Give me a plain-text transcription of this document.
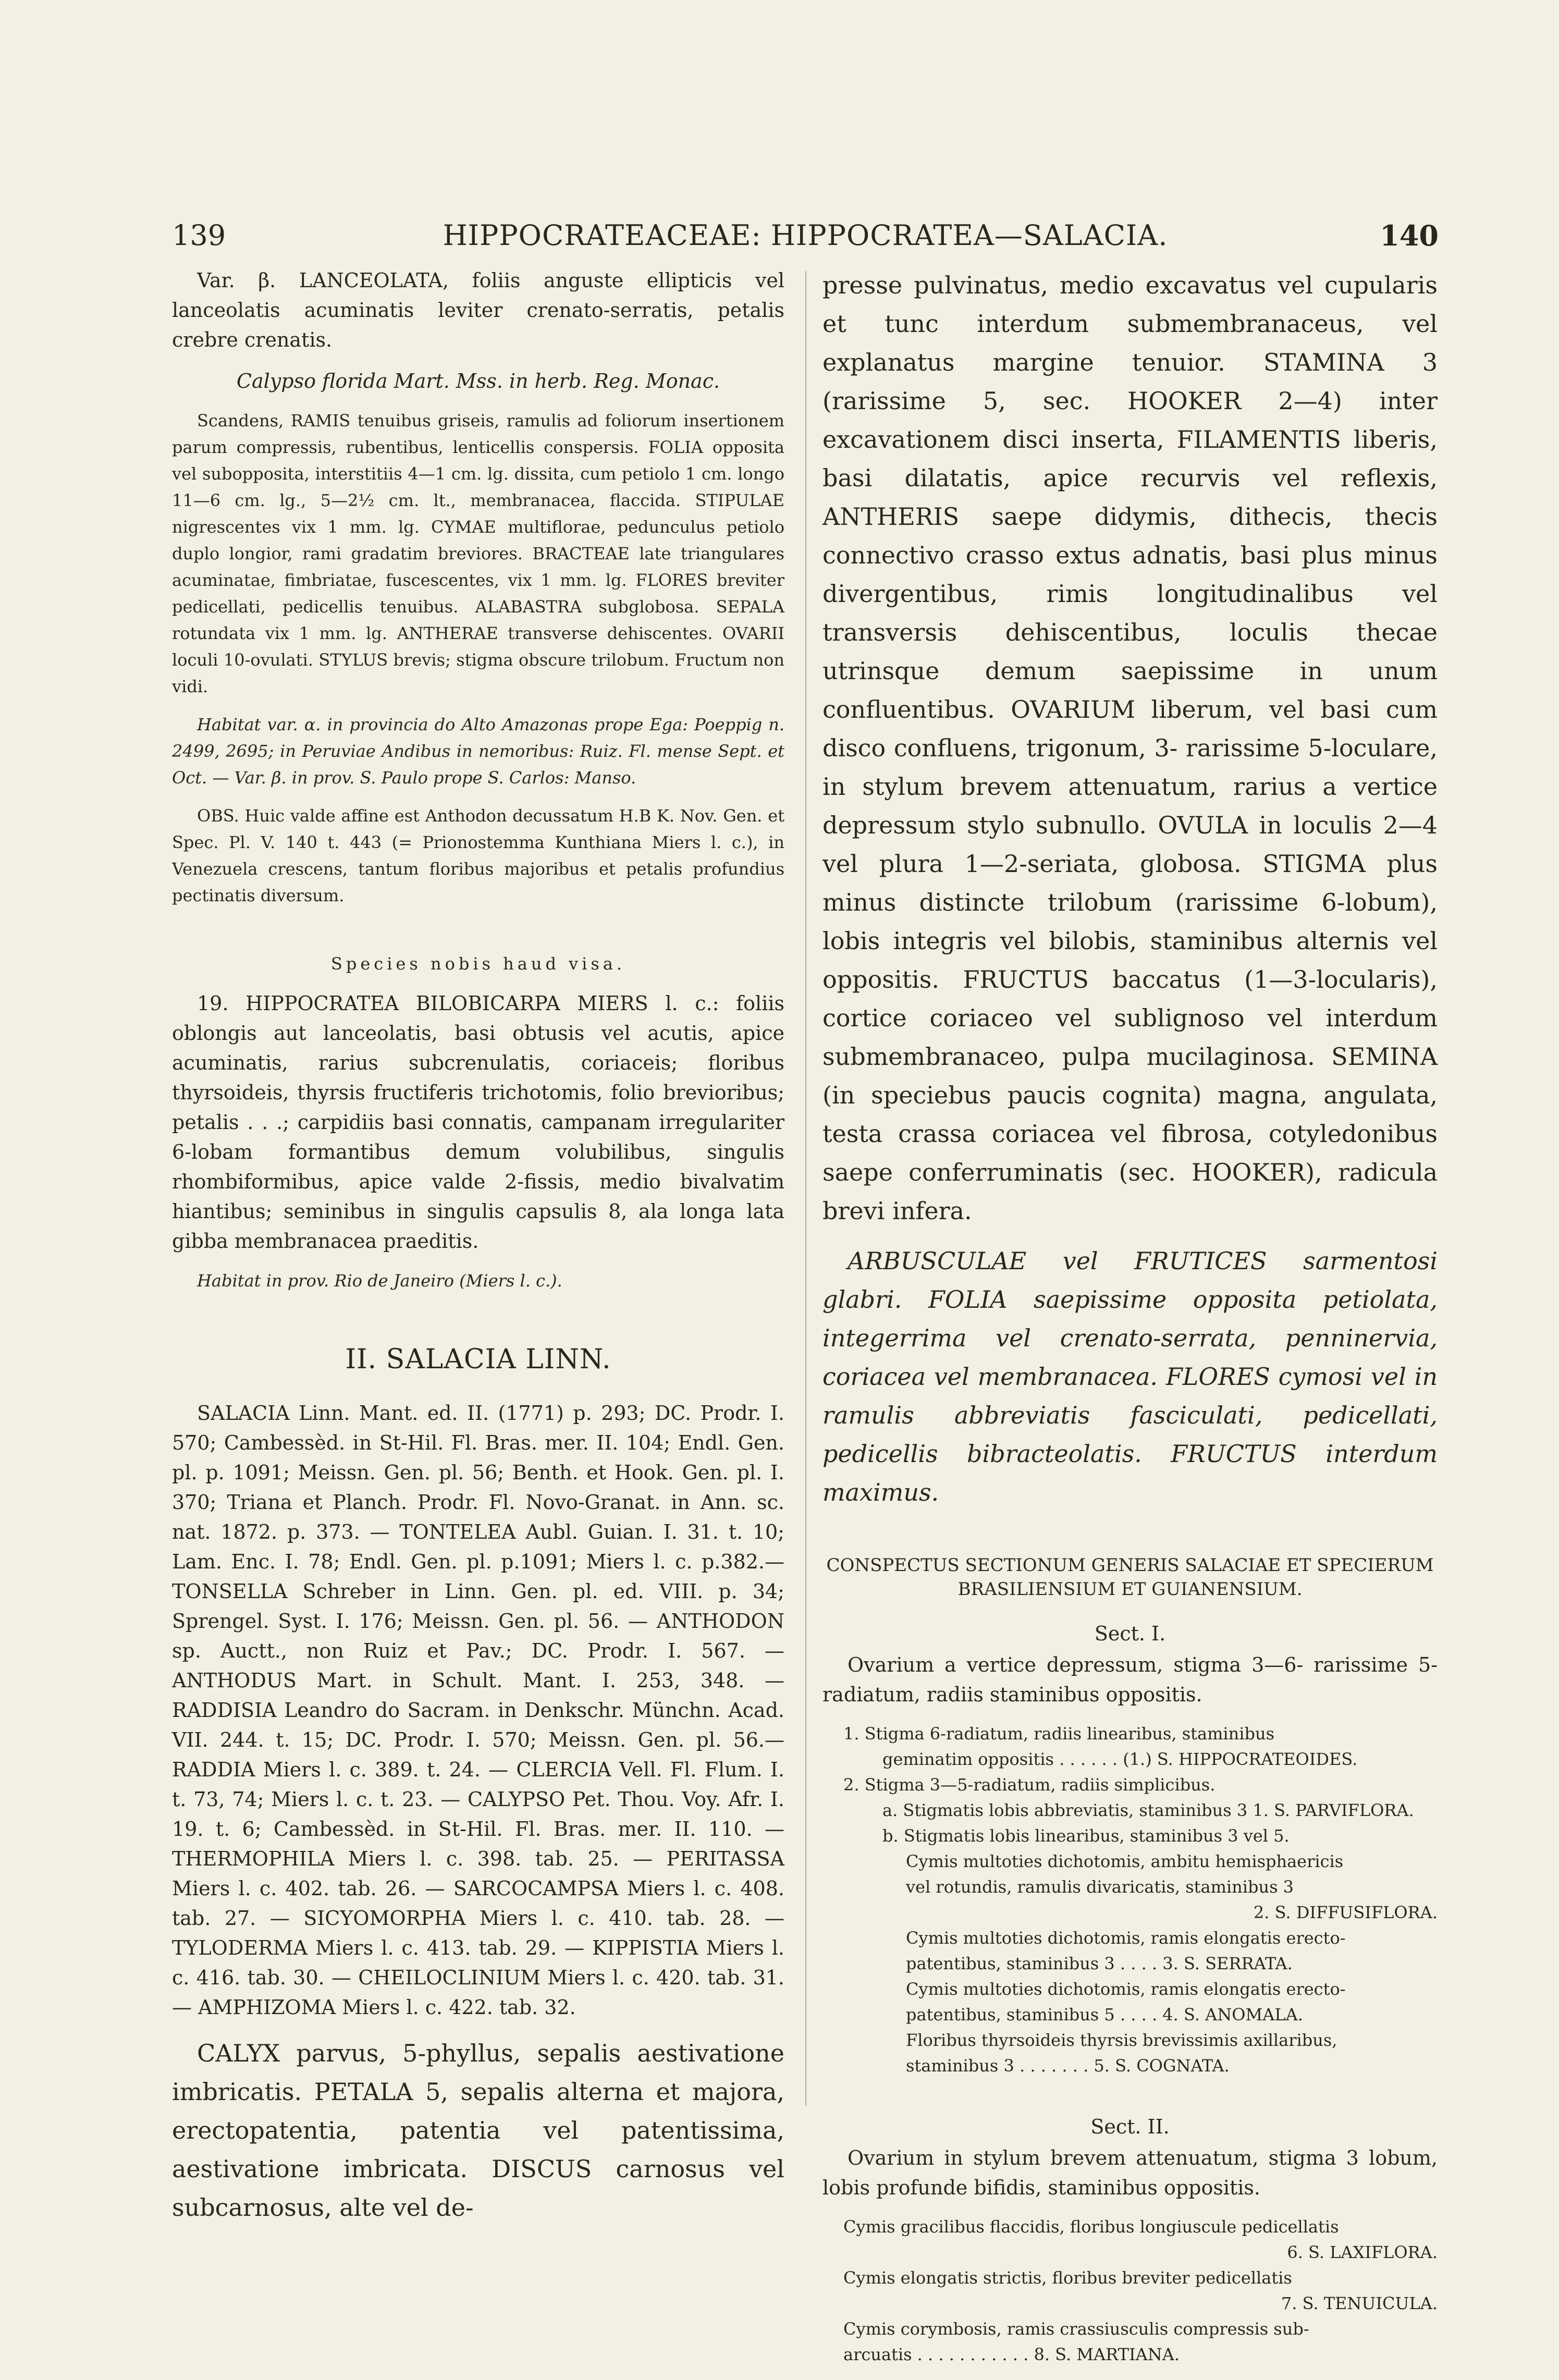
139	HIPPOCRATEACEAE: HIPPOCRATEA—SALACIA.	140

Var. β. LANCEOLATA, foliis anguste ellipticis vel lanceolatis acuminatis leviter crenato-serratis, petalis crebre crenatis.

Calypso florida Mart. Mss. in herb. Reg. Monac.

Scandens, RAMIS tenuibus griseis, ramulis ad foliorum insertionem parum compressis, rubentibus, lenticellis conspersis. FOLIA opposita vel subopposita, interstitiis 4—1 cm. lg. dissita, cum petiolo 1 cm. longo 11—6 cm. lg., 5—2½ cm. lt., membranacea, flaccida. STIPULAE nigrescentes vix 1 mm. lg. CYMAE multiflorae, pedunculus petiolo duplo longior, rami gradatim breviores. BRACTEAE late triangulares acuminatae, fimbriatae, fuscescentes, vix 1 mm. lg. FLORES breviter pedicellati, pedicellis tenuibus. ALABASTRA subglobosa. SEPALA rotundata vix 1 mm. lg. ANTHERAE transverse dehiscentes. OVARII loculi 10-ovulati. STYLUS brevis; stigma obscure trilobum. Fructum non vidi.

Habitat var. α. in provincia do Alto Amazonas prope Ega: Poeppig n. 2499, 2695; in Peruviae Andibus in nemoribus: Ruiz. Fl. mense Sept. et Oct. — Var. β. in prov. S. Paulo prope S. Carlos: Manso.

OBS. Huic valde affine est Anthodon decussatum H.B K. Nov. Gen. et Spec. Pl. V. 140 t. 443 (= Prionostemma Kunthiana Miers l. c.), in Venezuela crescens, tantum floribus majoribus et petalis profundius pectinatis diversum.

Species nobis haud visa.

19. HIPPOCRATEA BILOBICARPA MIERS l. c.: foliis oblongis aut lanceolatis, basi obtusis vel acutis, apice acuminatis, rarius subcrenulatis, coriaceis; floribus thyrsoideis, thyrsis fructiferis trichotomis, folio brevioribus; petalis . . .; carpidiis basi connatis, campanam irregulariter 6-lobam formantibus demum volubilibus, singulis rhombiformibus, apice valde 2-fissis, medio bivalvatim hiantibus; seminibus in singulis capsulis 8, ala longa lata gibba membranacea praeditis.

Habitat in prov. Rio de Janeiro (Miers l. c.).

II. SALACIA LINN.

SALACIA Linn. Mant. ed. II. (1771) p. 293; DC. Prodr. I. 570; Cambessèd. in St-Hil. Fl. Bras. mer. II. 104; Endl. Gen. pl. p. 1091; Meissn. Gen. pl. 56; Benth. et Hook. Gen. pl. I. 370; Triana et Planch. Prodr. Fl. Novo-Granat. in Ann. sc. nat. 1872. p. 373. — TONTELEA Aubl. Guian. I. 31. t. 10; Lam. Enc. I. 78; Endl. Gen. pl. p.1091; Miers l. c. p.382.— TONSELLA Schreber in Linn. Gen. pl. ed. VIII. p. 34; Sprengel. Syst. I. 176; Meissn. Gen. pl. 56. — ANTHODON sp. Auctt., non Ruiz et Pav.; DC. Prodr. I. 567. — ANTHODUS Mart. in Schult. Mant. I. 253, 348. — RADDISIA Leandro do Sacram. in Denkschr. Münchn. Acad. VII. 244. t. 15; DC. Prodr. I. 570; Meissn. Gen. pl. 56.— RADDIA Miers l. c. 389. t. 24. — CLERCIA Vell. Fl. Flum. I. t. 73, 74; Miers l. c. t. 23. — CALYPSO Pet. Thou. Voy. Afr. I. 19. t. 6; Cambessèd. in St-Hil. Fl. Bras. mer. II. 110. — THERMOPHILA Miers l. c. 398. tab. 25. — PERITASSA Miers l. c. 402. tab. 26. — SARCOCAMPSA Miers l. c. 408. tab. 27. — SICYOMORPHA Miers l. c. 410. tab. 28. — TYLODERMA Miers l. c. 413. tab. 29. — KIPPISTIA Miers l. c. 416. tab. 30. — CHEILOCLINIUM Miers l. c. 420. tab. 31. — AMPHIZOMA Miers l. c. 422. tab. 32.

CALYX parvus, 5-phyllus, sepalis aestivatione imbricatis. PETALA 5, sepalis alterna et majora, erectopatentia, patentia vel patentissima, aestivatione imbricata. DISCUS carnosus vel subcarnosus, alte vel de-

presse pulvinatus, medio excavatus vel cupularis et tunc interdum submembranaceus, vel explanatus margine tenuior. STAMINA 3 (rarissime 5, sec. HOOKER 2—4) inter excavationem disci inserta, FILAMENTIS liberis, basi dilatatis, apice recurvis vel reflexis, ANTHERIS saepe didymis, dithecis, thecis connectivo crasso extus adnatis, basi plus minus divergentibus, rimis longitudinalibus vel transversis dehiscentibus, loculis thecae utrinsque demum saepissime in unum confluentibus. OVARIUM liberum, vel basi cum disco confluens, trigonum, 3- rarissime 5-loculare, in stylum brevem attenuatum, rarius a vertice depressum stylo subnullo. OVULA in loculis 2—4 vel plura 1—2-seriata, globosa. STIGMA plus minus distincte trilobum (rarissime 6-lobum), lobis integris vel bilobis, staminibus alternis vel oppositis. FRUCTUS baccatus (1—3-locularis), cortice coriaceo vel sublignoso vel interdum submembranaceo, pulpa mucilaginosa. SEMINA (in speciebus paucis cognita) magna, angulata, testa crassa coriacea vel fibrosa, cotyledonibus saepe conferruminatis (sec. HOOKER), radicula brevi infera.

ARBUSCULAE vel FRUTICES sarmentosi glabri. FOLIA saepissime opposita petiolata, integerrima vel crenato-serrata, penninervia, coriacea vel membranacea. FLORES cymosi vel in ramulis abbreviatis fasciculati, pedicellati, pedicellis bibracteolatis. FRUCTUS interdum maximus.

CONSPECTUS SECTIONUM GENERIS SALACIAE ET SPECIERUM BRASILIENSIUM ET GUIANENSIUM.
Sect. I.

Ovarium a vertice depressum, stigma 3—6- rarissime 5-radiatum, radiis staminibus oppositis.

1. Stigma 6-radiatum, radiis linearibus, staminibus
geminatim oppositis . . . . . . (1.) S. HIPPOCRATEOIDES.
2. Stigma 3—5-radiatum, radiis simplicibus.
a. Stigmatis lobis abbreviatis, staminibus 3 1. S. PARVIFLORA.
b. Stigmatis lobis linearibus, staminibus 3 vel 5.
Cymis multoties dichotomis, ambitu hemisphaericis
vel rotundis, ramulis divaricatis, staminibus 3
2. S. DIFFUSIFLORA.
Cymis multoties dichotomis, ramis elongatis erecto-
patentibus, staminibus 3 . . . . 3. S. SERRATA.
Cymis multoties dichotomis, ramis elongatis erecto-
patentibus, staminibus 5 . . . . 4. S. ANOMALA.
Floribus thyrsoideis thyrsis brevissimis axillaribus,
staminibus 3 . . . . . . . 5. S. COGNATA.
Sect. II.

Ovarium in stylum brevem attenuatum, stigma 3 lobum, lobis profunde bifidis, staminibus oppositis.

Cymis gracilibus flaccidis, floribus longiuscule pedicellatis
6. S. LAXIFLORA.
Cymis elongatis strictis, floribus breviter pedicellatis
7. S. TENUICULA.
Cymis corymbosis, ramis crassiusculis compressis sub-
arcuatis . . . . . . . . . . . 8. S. MARTIANA.
